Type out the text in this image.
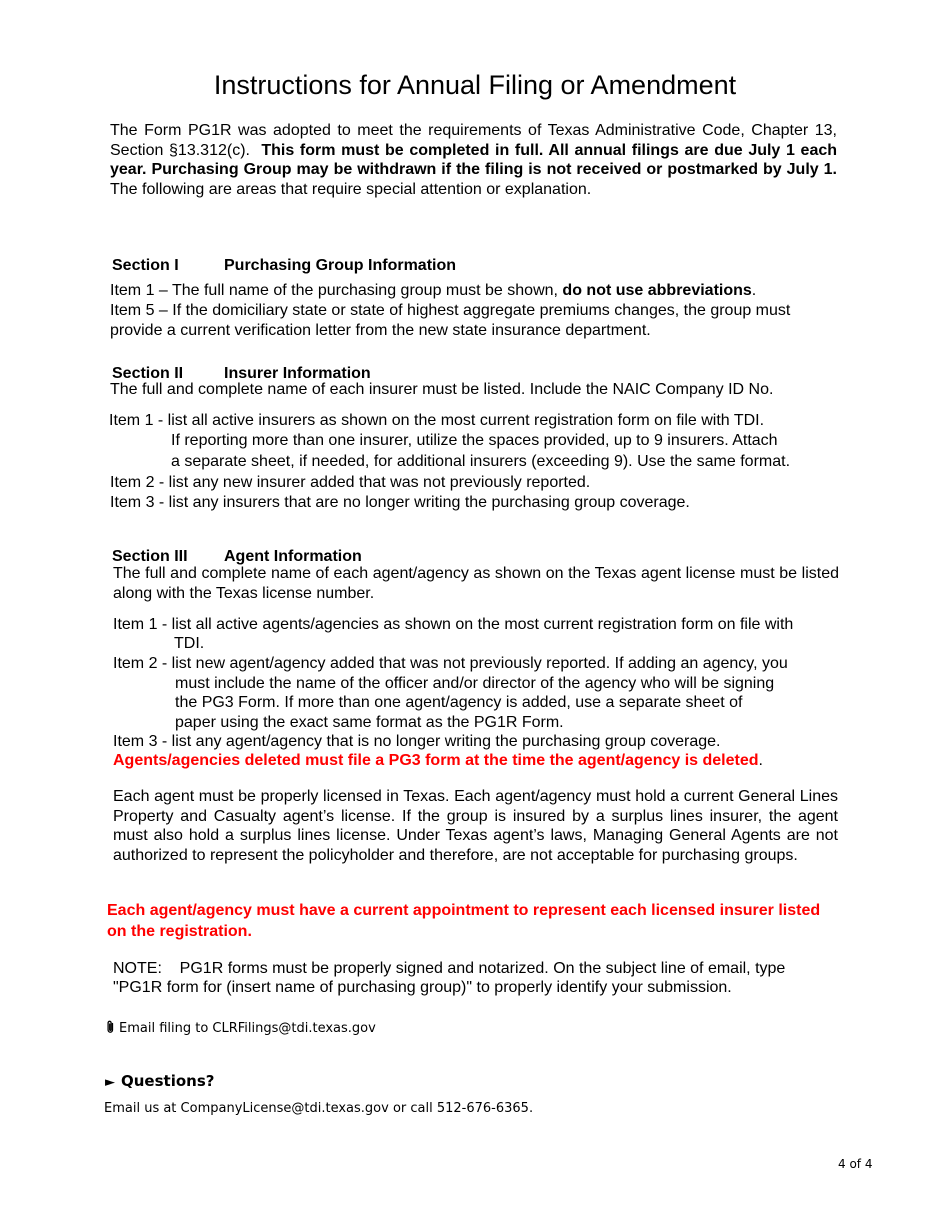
Instructions for Annual Filing or Amendment

The Form PG1R was adopted to meet the requirements of Texas Administrative Code, Chapter 13, Section §13.312(c). This form must be completed in full. All annual filings are due July 1 each year. Purchasing Group may be withdrawn if the filing is not received or postmarked by July 1. The following are areas that require special attention or explanation.

Section I	Purchasing Group Information

Item 1 – The full name of the purchasing group must be shown, do not use abbreviations.

Item 5 – If the domiciliary state or state of highest aggregate premiums changes, the group must provide a current verification letter from the new state insurance department.

Section II	Insurer Information

The full and complete name of each insurer must be listed. Include the NAIC Company ID No.

Item 1 - list all active insurers as shown on the most current registration form on file with TDI.

If reporting more than one insurer, utilize the spaces provided, up to 9 insurers. Attach

a separate sheet, if needed, for additional insurers (exceeding 9). Use the same format.

Item 2 - list any new insurer added that was not previously reported.

Item 3 - list any insurers that are no longer writing the purchasing group coverage.

Section III Agent Information

The full and complete name of each agent/agency as shown on the Texas agent license must be listed along with the Texas license number.

Item 1 - list all active agents/agencies as shown on the most current registration form on file with

TDI.

Item 2 - list new agent/agency added that was not previously reported. If adding an agency, you

must include the name of the officer and/or director of the agency who will be signing

the PG3 Form. If more than one agent/agency is added, use a separate sheet of

paper using the exact same format as the PG1R Form.

Item 3 - list any agent/agency that is no longer writing the purchasing group coverage.

Agents/agencies deleted must file a PG3 form at the time the agent/agency is deleted.

Each agent must be properly licensed in Texas. Each agent/agency must hold a current General Lines Property and Casualty agent’s license. If the group is insured by a surplus lines insurer, the agent must also hold a surplus lines license. Under Texas agent’s laws, Managing General Agents are not authorized to represent the policyholder and therefore, are not acceptable for purchasing groups.

Each agent/agency must have a current appointment to represent each licensed insurer listed on the registration.

NOTE: PG1R forms must be properly signed and notarized. On the subject line of email, type

"PG1R form for (insert name of purchasing group)" to properly identify your submission.

Email filing to CLRFilings@tdi.texas.gov
► Questions?
Email us at CompanyLicense@tdi.texas.gov or call 512-676-6365.
4 of 4
